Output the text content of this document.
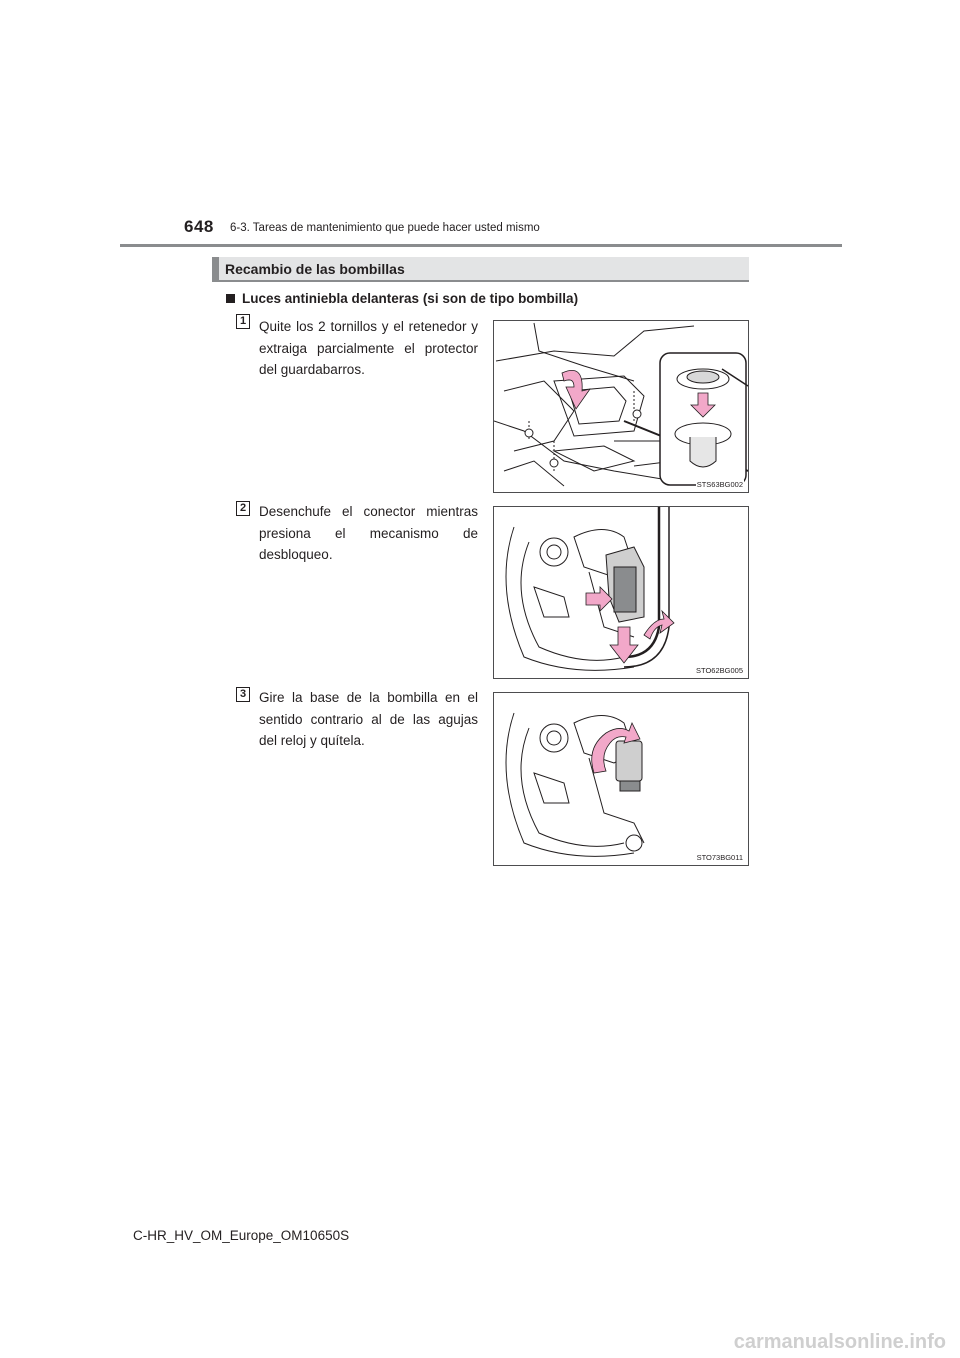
648 6-3. Tareas de mantenimiento que puede hacer usted mismo
Recambio de las bombillas
Luces antiniebla delanteras (si son de tipo bombilla)
1 Quite los 2 tornillos y el retenedor y extraiga parcialmente el protector del guardabarros.
STS63BG002
2 Desenchufe el conector mientras presiona el mecanismo de desbloqueo.
STO62BG005
3 Gire la base de la bombilla en el sentido contrario al de las agujas del reloj y quítela.
STO73BG011
C-HR_HV_OM_Europe_OM10650S
carmanualsonline.info
